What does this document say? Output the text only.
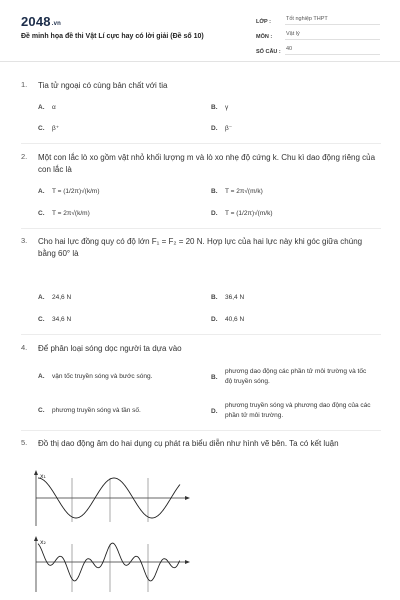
2048.vn
Đề minh họa đề thi Vật Lí cực hay có lời giải (Đề số 10)
LỚP :	Tốt nghiệp THPT
MÔN :	Vật lý
SỐ CÂU : 40
1. Tia tử ngoại có cùng bản chất với tia
A.	α	B.	γ
C.	β⁺	D.	β⁻
2. Một con lắc lò xo gồm vật nhỏ khối lượng m và lò xo nhẹ độ cứng k. Chu kì dao động riêng của con lắc là
A.	T = (1/2π)√(k/m)	B.	T = 2π√(m/k)
C.	T = 2π√(k/m)	D.	T = (1/2π)√(m/k)
3. Cho hai lực đồng quy có độ lớn F₁ = F₂ = 20 N. Hợp lực của hai lực này khi góc giữa chúng bằng 60° là
A.	24,6 N	B.	36,4 N
C.	34,6 N	D.	40,6 N
4. Để phân loại sóng dọc người ta dựa vào
A.	vận tốc truyền sóng và bước sóng.	B.
phương dao động các phần tử môi trường và tốc độ truyền sóng.
C.	phương truyền sóng và tần số.	D.
phương truyền sóng và phương dao động của các phần tử môi trường.
5. Đồ thị dao động âm do hai dụng cụ phát ra biểu diễn như hình vẽ bên. Ta có kết luận
x₁
x₂
